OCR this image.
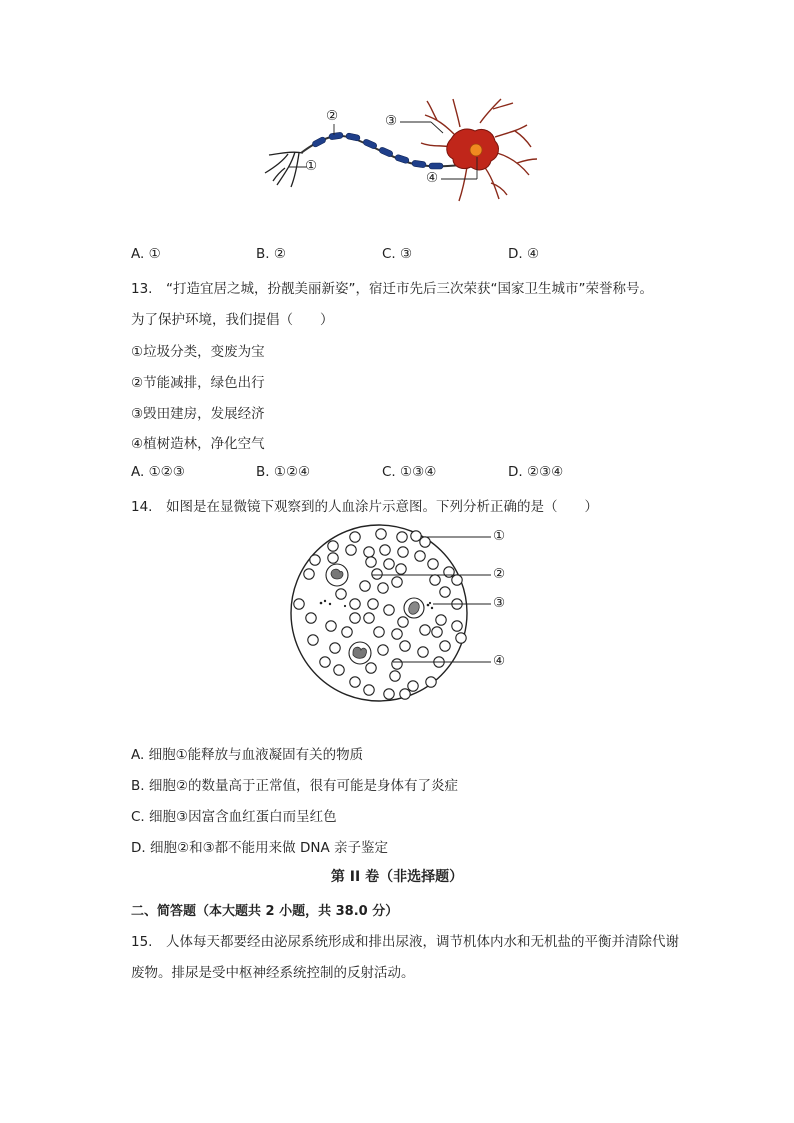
①
②	③
④
A. ①	B. ②	C. ③	D. ④
13.　“打造宜居之城，扮靓美丽新姿”，宿迁市先后三次荣获“国家卫生城市”荣誉称号。
为了保护环境，我们提倡（　　）
①垃圾分类，变废为宝
②节能减排，绿色出行
③毁田建房，发展经济
④植树造林，净化空气
A. ①②③	B. ①②④	C. ①③④	D. ②③④
14.　如图是在显微镜下观察到的人血涂片示意图。下列分析正确的是（　　）
①
②
③
④
A. 细胞①能释放与血液凝固有关的物质
B. 细胞②的数量高于正常值，很有可能是身体有了炎症
C. 细胞③因富含血红蛋白而呈红色
D. 细胞②和③都不能用来做 DNA 亲子鉴定
第 II 卷（非选择题）
二、简答题（本大题共 2 小题，共 38.0 分）
15.　人体每天都要经由泌尿系统形成和排出尿液，调节机体内水和无机盐的平衡并清除代谢
废物。排尿是受中枢神经系统控制的反射活动。
